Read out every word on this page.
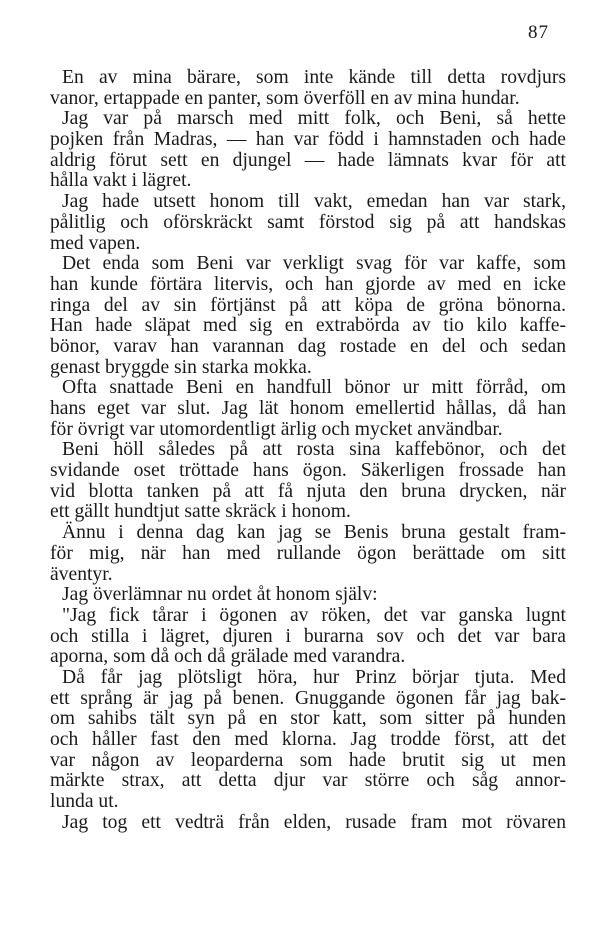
87
En av mina bärare, som inte kände till detta rovdjurs
vanor, ertappade en panter, som överföll en av mina hundar.
Jag var på marsch med mitt folk, och Beni, så hette
pojken från Madras, — han var född i hamnstaden och hade
aldrig förut sett en djungel — hade lämnats kvar för att
hålla vakt i lägret.
Jag hade utsett honom till vakt, emedan han var stark,
pålitlig och oförskräckt samt förstod sig på att handskas
med vapen.
Det enda som Beni var verkligt svag för var kaffe, som
han kunde förtära litervis, och han gjorde av med en icke
ringa del av sin förtjänst på att köpa de gröna bönorna.
Han hade släpat med sig en extrabörda av tio kilo kaffe-
bönor, varav han varannan dag rostade en del och sedan
genast bryggde sin starka mokka.
Ofta snattade Beni en handfull bönor ur mitt förråd, om
hans eget var slut. Jag lät honom emellertid hållas, då han
för övrigt var utomordentligt ärlig och mycket användbar.
Beni höll således på att rosta sina kaffebönor, och det
svidande oset tröttade hans ögon. Säkerligen frossade han
vid blotta tanken på att få njuta den bruna drycken, när
ett gällt hundtjut satte skräck i honom.
Ännu i denna dag kan jag se Benis bruna gestalt fram-
för mig, när han med rullande ögon berättade om sitt
äventyr.
Jag överlämnar nu ordet åt honom själv:
"Jag fick tårar i ögonen av röken, det var ganska lugnt
och stilla i lägret, djuren i burarna sov och det var bara
aporna, som då och då grälade med varandra.
Då får jag plötsligt höra, hur Prinz börjar tjuta. Med
ett språng är jag på benen. Gnuggande ögonen får jag bak-
om sahibs tält syn på en stor katt, som sitter på hunden
och håller fast den med klorna. Jag trodde först, att det
var någon av leoparderna som hade brutit sig ut men
märkte strax, att detta djur var större och såg annor-
lunda ut.
Jag tog ett vedträ från elden, rusade fram mot rövaren
